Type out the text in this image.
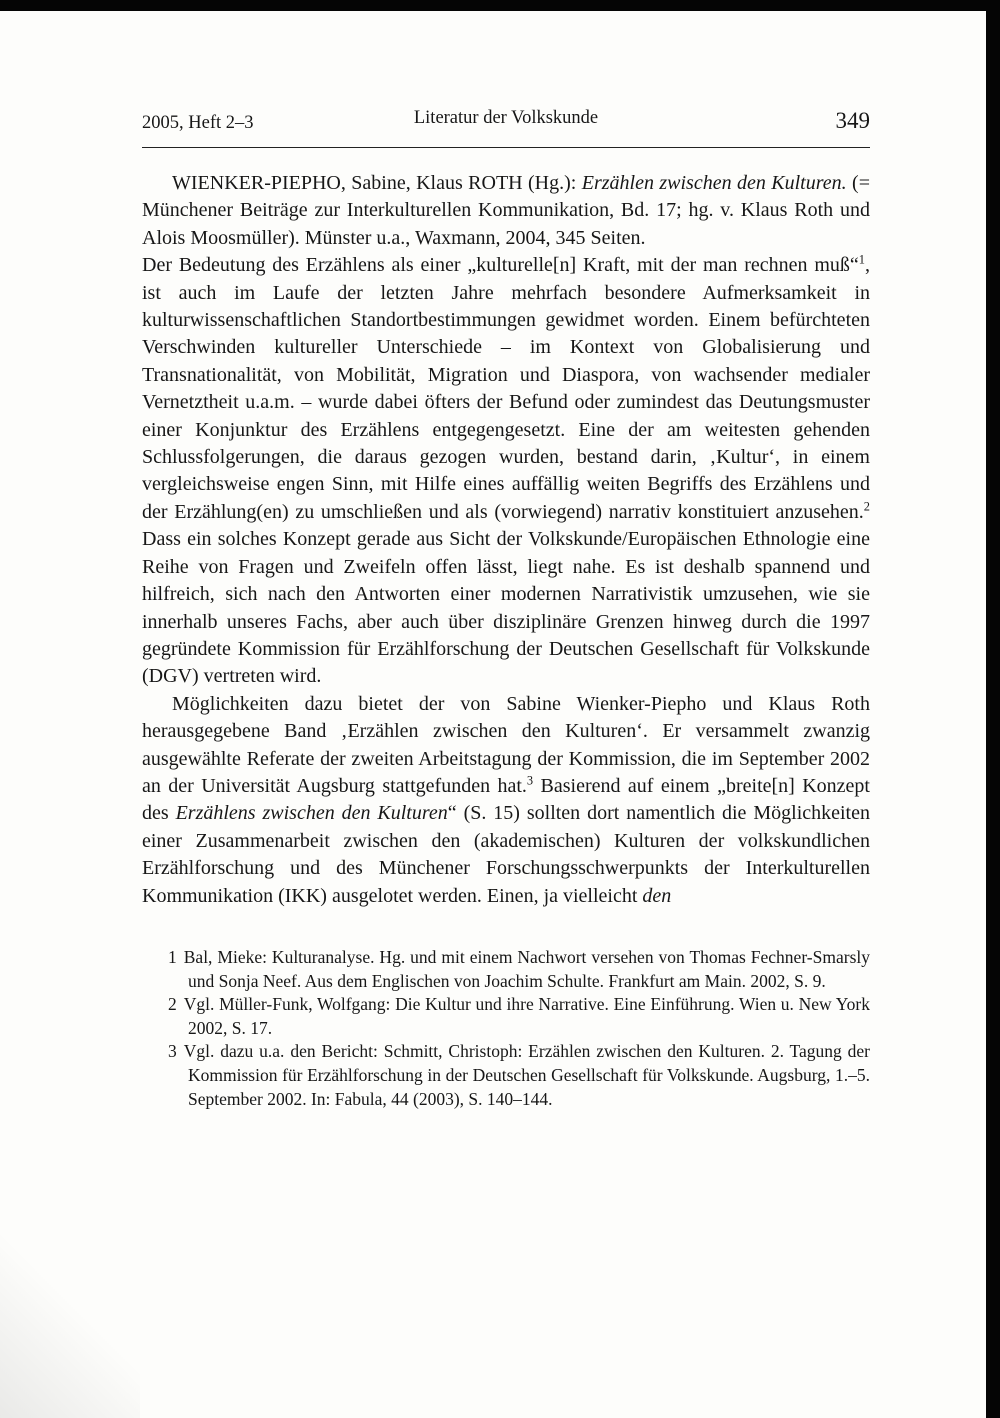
2005, Heft 2–3	Literatur der Volkskunde	349

WIENKER-PIEPHO, Sabine, Klaus ROTH (Hg.): Erzählen zwischen den Kulturen. (= Münchener Beiträge zur Interkulturellen Kommunikation, Bd. 17; hg. v. Klaus Roth und Alois Moosmüller). Münster u.a., Waxmann, 2004, 345 Seiten.

Der Bedeutung des Erzählens als einer „kulturelle[n] Kraft, mit der man rechnen muß“$^1$, ist auch im Laufe der letzten Jahre mehrfach besondere Aufmerksamkeit in kulturwissenschaftlichen Standortbestimmungen gewidmet worden. Einem befürchteten Verschwinden kultureller Unterschiede – im Kontext von Globalisierung und Transnationalität, von Mobilität, Migration und Diaspora, von wachsender medialer Vernetztheit u.a.m. – wurde dabei öfters der Befund oder zumindest das Deutungsmuster einer Konjunktur des Erzählens entgegengesetzt. Eine der am weitesten gehenden Schlussfolgerungen, die daraus gezogen wurden, bestand darin, ‚Kultur‘, in einem vergleichsweise engen Sinn, mit Hilfe eines auffällig weiten Begriffs des Erzählens und der Erzählung(en) zu umschließen und als (vorwiegend) narrativ konstituiert anzusehen.$^2$ Dass ein solches Konzept gerade aus Sicht der Volkskunde/Europäischen Ethnologie eine Reihe von Fragen und Zweifeln offen lässt, liegt nahe. Es ist deshalb spannend und hilfreich, sich nach den Antworten einer modernen Narrativistik umzusehen, wie sie innerhalb unseres Fachs, aber auch über disziplinäre Grenzen hinweg durch die 1997 gegründete Kommission für Erzählforschung der Deutschen Gesellschaft für Volkskunde (DGV) vertreten wird.

Möglichkeiten dazu bietet der von Sabine Wienker-Piepho und Klaus Roth herausgegebene Band ‚Erzählen zwischen den Kulturen‘. Er versammelt zwanzig ausgewählte Referate der zweiten Arbeitstagung der Kommission, die im September 2002 an der Universität Augsburg stattgefunden hat.$^3$ Basierend auf einem „breite[n] Konzept des Erzählens zwischen den Kulturen“ (S. 15) sollten dort namentlich die Möglichkeiten einer Zusammenarbeit zwischen den (akademischen) Kulturen der volkskundlichen Erzählforschung und des Münchener Forschungsschwerpunkts der Interkulturellen Kommunikation (IKK) ausgelotet werden. Einen, ja vielleicht den

1 Bal, Mieke: Kulturanalyse. Hg. und mit einem Nachwort versehen von Thomas Fechner-Smarsly und Sonja Neef. Aus dem Englischen von Joachim Schulte. Frankfurt am Main. 2002, S. 9.

2 Vgl. Müller-Funk, Wolfgang: Die Kultur und ihre Narrative. Eine Einführung. Wien u. New York 2002, S. 17.

3 Vgl. dazu u.a. den Bericht: Schmitt, Christoph: Erzählen zwischen den Kulturen. 2. Tagung der Kommission für Erzählforschung in der Deutschen Gesellschaft für Volkskunde. Augsburg, 1.–5. September 2002. In: Fabula, 44 (2003), S. 140–144.
